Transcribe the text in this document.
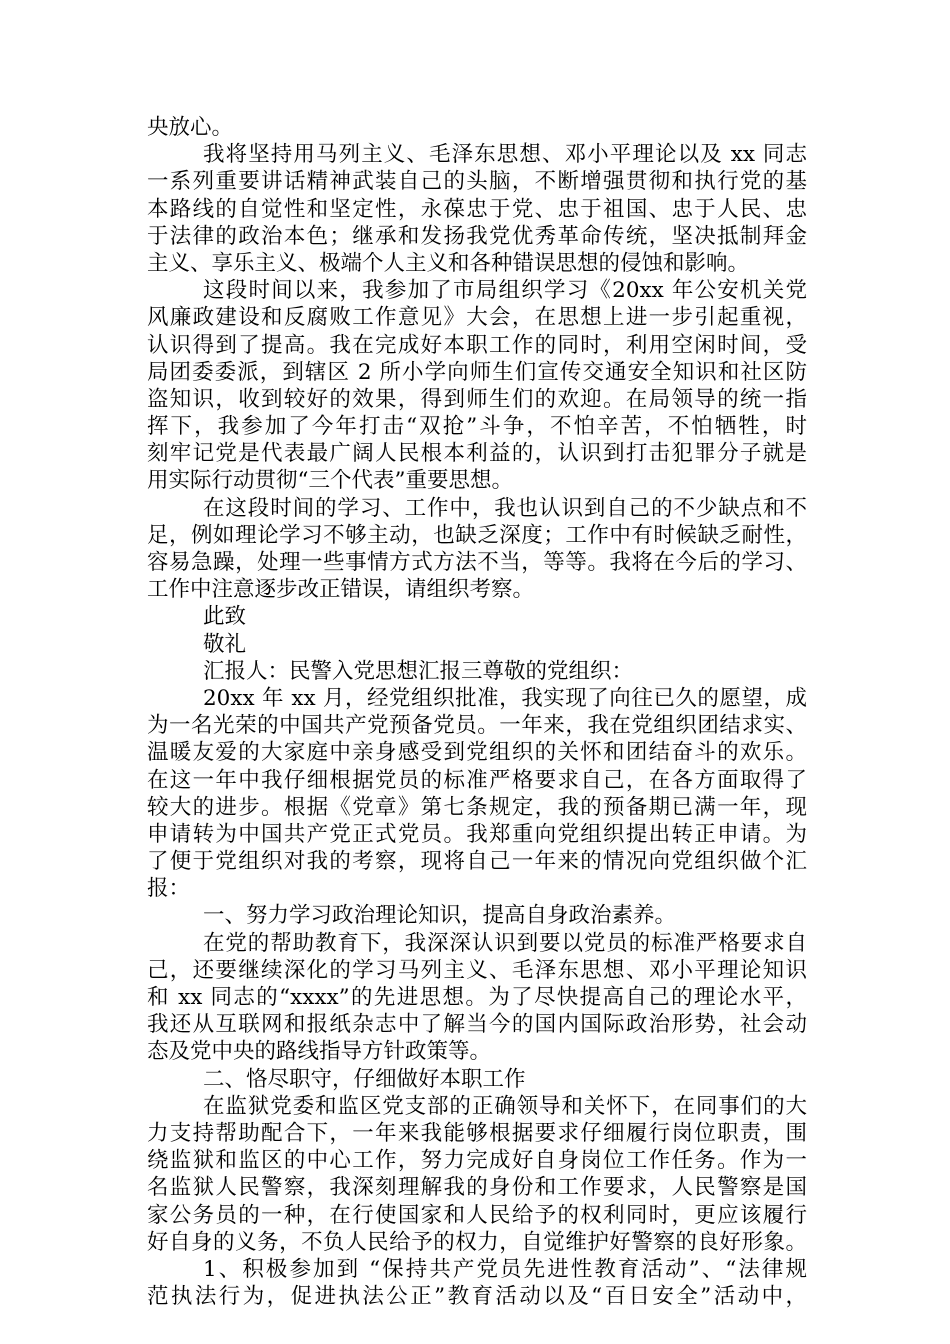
央放心。
我将坚持用马列主义、毛泽东思想、邓小平理论以及 xx 同志
一系列重要讲话精神武装自己的头脑，不断增强贯彻和执行党的基
本路线的自觉性和坚定性，永葆忠于党、忠于祖国、忠于人民、忠
于法律的政治本色；继承和发扬我党优秀革命传统，坚决抵制拜金
主义、享乐主义、极端个人主义和各种错误思想的侵蚀和影响。
这段时间以来，我参加了市局组织学习《20xx 年公安机关党
风廉政建设和反腐败工作意见》大会，在思想上进一步引起重视，
认识得到了提高。我在完成好本职工作的同时，利用空闲时间，受
局团委委派，到辖区 2 所小学向师生们宣传交通安全知识和社区防
盗知识，收到较好的效果，得到师生们的欢迎。在局领导的统一指
挥下，我参加了今年打击“双抢”斗争，不怕辛苦，不怕牺牲，时
刻牢记党是代表最广阔人民根本利益的，认识到打击犯罪分子就是
用实际行动贯彻“三个代表”重要思想。
在这段时间的学习、工作中，我也认识到自己的不少缺点和不
足，例如理论学习不够主动，也缺乏深度；工作中有时候缺乏耐性，
容易急躁，处理一些事情方式方法不当，等等。我将在今后的学习、
工作中注意逐步改正错误，请组织考察。
此致
敬礼
汇报人：民警入党思想汇报三尊敬的党组织：
20xx 年 xx 月，经党组织批准，我实现了向往已久的愿望，成
为一名光荣的中国共产党预备党员。一年来，我在党组织团结求实、
温暖友爱的大家庭中亲身感受到党组织的关怀和团结奋斗的欢乐。
在这一年中我仔细根据党员的标准严格要求自己，在各方面取得了
较大的进步。根据《党章》第七条规定，我的预备期已满一年，现
申请转为中国共产党正式党员。我郑重向党组织提出转正申请。为
了便于党组织对我的考察，现将自己一年来的情况向党组织做个汇
报：
一、努力学习政治理论知识，提高自身政治素养。
在党的帮助教育下，我深深认识到要以党员的标准严格要求自
己，还要继续深化的学习马列主义、毛泽东思想、邓小平理论知识
和 xx 同志的“xxxx”的先进思想。为了尽快提高自己的理论水平，
我还从互联网和报纸杂志中了解当今的国内国际政治形势，社会动
态及党中央的路线指导方针政策等。
二、恪尽职守，仔细做好本职工作
在监狱党委和监区党支部的正确领导和关怀下，在同事们的大
力支持帮助配合下，一年来我能够根据要求仔细履行岗位职责，围
绕监狱和监区的中心工作，努力完成好自身岗位工作任务。作为一
名监狱人民警察，我深刻理解我的身份和工作要求，人民警察是国
家公务员的一种，在行使国家和人民给予的权利同时，更应该履行
好自身的义务，不负人民给予的权力，自觉维护好警察的良好形象。
1、积极参加到 “保持共产党员先进性教育活动”、“法律规
范执法行为，促进执法公正”教育活动以及“百日安全”活动中，
